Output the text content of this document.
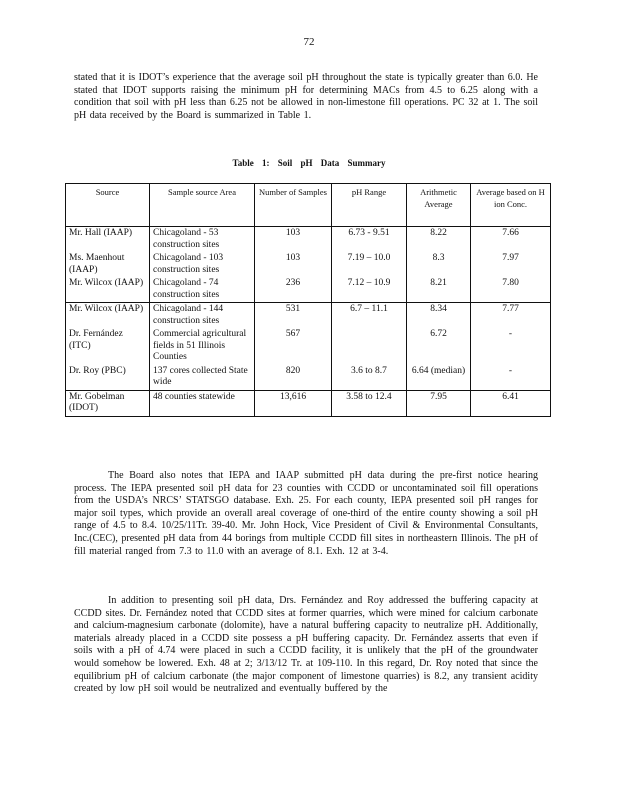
72

stated that it is IDOT’s experience that the average soil pH throughout the state is typically greater than 6.0. He stated that IDOT supports raising the minimum pH for determining MACs from 4.5 to 6.25 along with a condition that soil with pH less than 6.25 not be allowed in non-limestone fill operations. PC 32 at 1. The soil pH data received by the Board is summarized in Table 1.

Table 1: Soil pH Data Summary
Source	Sample source Area	Number of Samples	pH Range	Arithmetic Average	Average based on H ion Conc.
Mr. Hall (IAAP)	Chicagoland - 53 construction sites	103	6.73 - 9.51	8.22	7.66
Ms. Maenhout (IAAP)	Chicagoland - 103 construction sites	103	7.19 – 10.0	8.3	7.97
Mr. Wilcox (IAAP)	Chicagoland - 74 construction sites	236	7.12 – 10.9	8.21	7.80
Mr. Wilcox (IAAP)	Chicagoland - 144 construction sites	531	6.7 – 11.1	8.34	7.77
Dr. Fernández (ITC)	Commercial agricultural fields in 51 Illinois Counties	567		6.72	-
Dr. Roy (PBC)	137 cores collected State wide	820	3.6 to 8.7	6.64 (median)	-
Mr. Gobelman (IDOT)	48 counties statewide	13,616	3.58 to 12.4	7.95	6.41

The Board also notes that IEPA and IAAP submitted pH data during the pre-first notice hearing process. The IEPA presented soil pH data for 23 counties with CCDD or uncontaminated soil fill operations from the USDA’s NRCS’ STATSGO database. Exh. 25. For each county, IEPA presented soil pH ranges for major soil types, which provide an overall areal coverage of one-third of the entire county showing a soil pH range of 4.5 to 8.4. 10/25/11Tr. 39-40. Mr. John Hock, Vice President of Civil & Environmental Consultants, Inc.(CEC), presented pH data from 44 borings from multiple CCDD fill sites in northeastern Illinois. The pH of fill material ranged from 7.3 to 11.0 with an average of 8.1. Exh. 12 at 3-4.

In addition to presenting soil pH data, Drs. Fernández and Roy addressed the buffering capacity at CCDD sites. Dr. Fernández noted that CCDD sites at former quarries, which were mined for calcium carbonate and calcium-magnesium carbonate (dolomite), have a natural buffering capacity to neutralize pH. Additionally, materials already placed in a CCDD site possess a pH buffering capacity. Dr. Fernández asserts that even if soils with a pH of 4.74 were placed in such a CCDD facility, it is unlikely that the pH of the groundwater would somehow be lowered. Exh. 48 at 2; 3/13/12 Tr. at 109-110. In this regard, Dr. Roy noted that since the equilibrium pH of calcium carbonate (the major component of limestone quarries) is 8.2, any transient acidity created by low pH soil would be neutralized and eventually buffered by the
